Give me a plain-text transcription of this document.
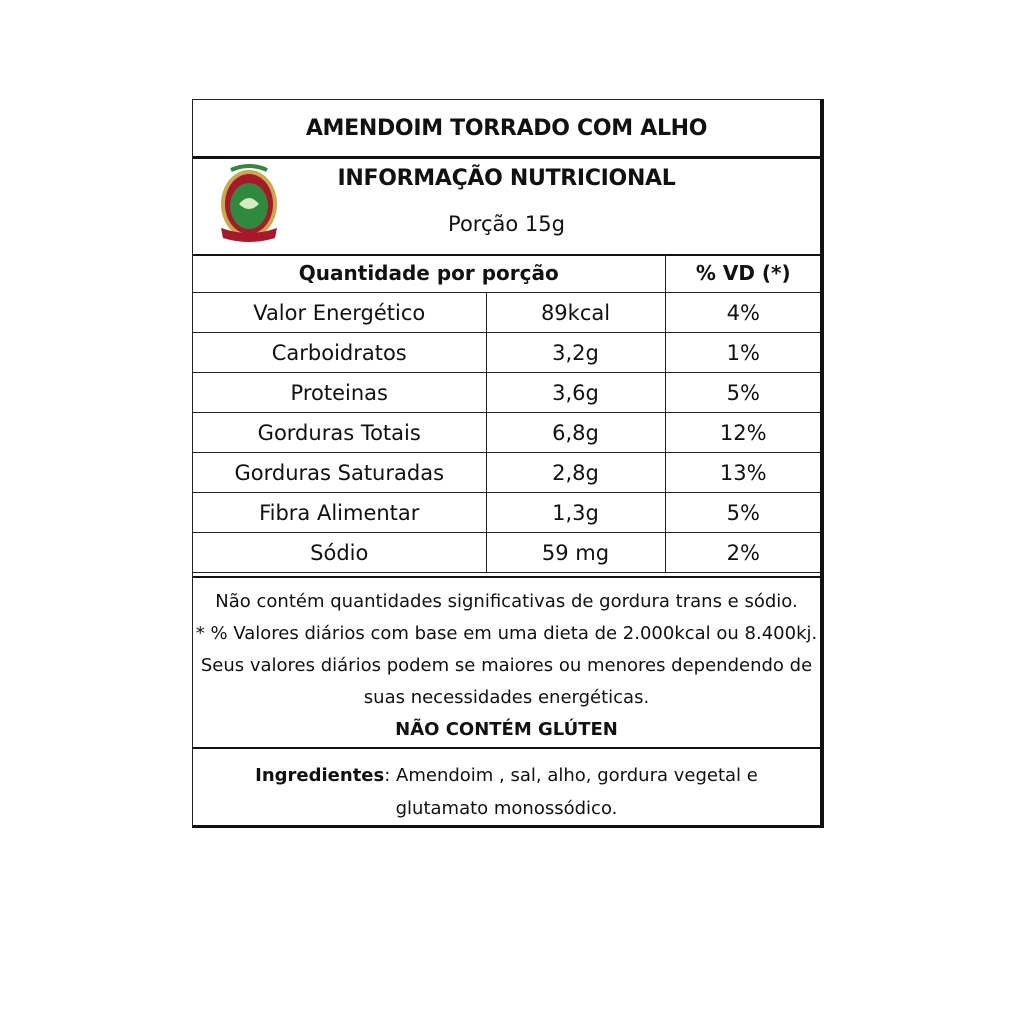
AMENDOIM TORRADO COM ALHO
INFORMAÇÃO NUTRICIONAL
Porção 15g
Quantidade por porção		% VD (*)
Valor Energético	89kcal	4%
Carboidratos	3,2g	1%
Proteinas	3,6g	5%
Gorduras Totais	6,8g	12%
Gorduras Saturadas	2,8g	13%
Fibra Alimentar	1,3g	5%
Sódio	59 mg	2%
Não contém quantidades significativas de gordura trans e sódio.
* % Valores diários com base em uma dieta de 2.000kcal ou 8.400kj.
Seus valores diários podem se maiores ou menores dependendo de
suas necessidades energéticas.
NÃO CONTÉM GLÚTEN
Ingredientes: Amendoim , sal, alho, gordura vegetal e glutamato monossódico.
